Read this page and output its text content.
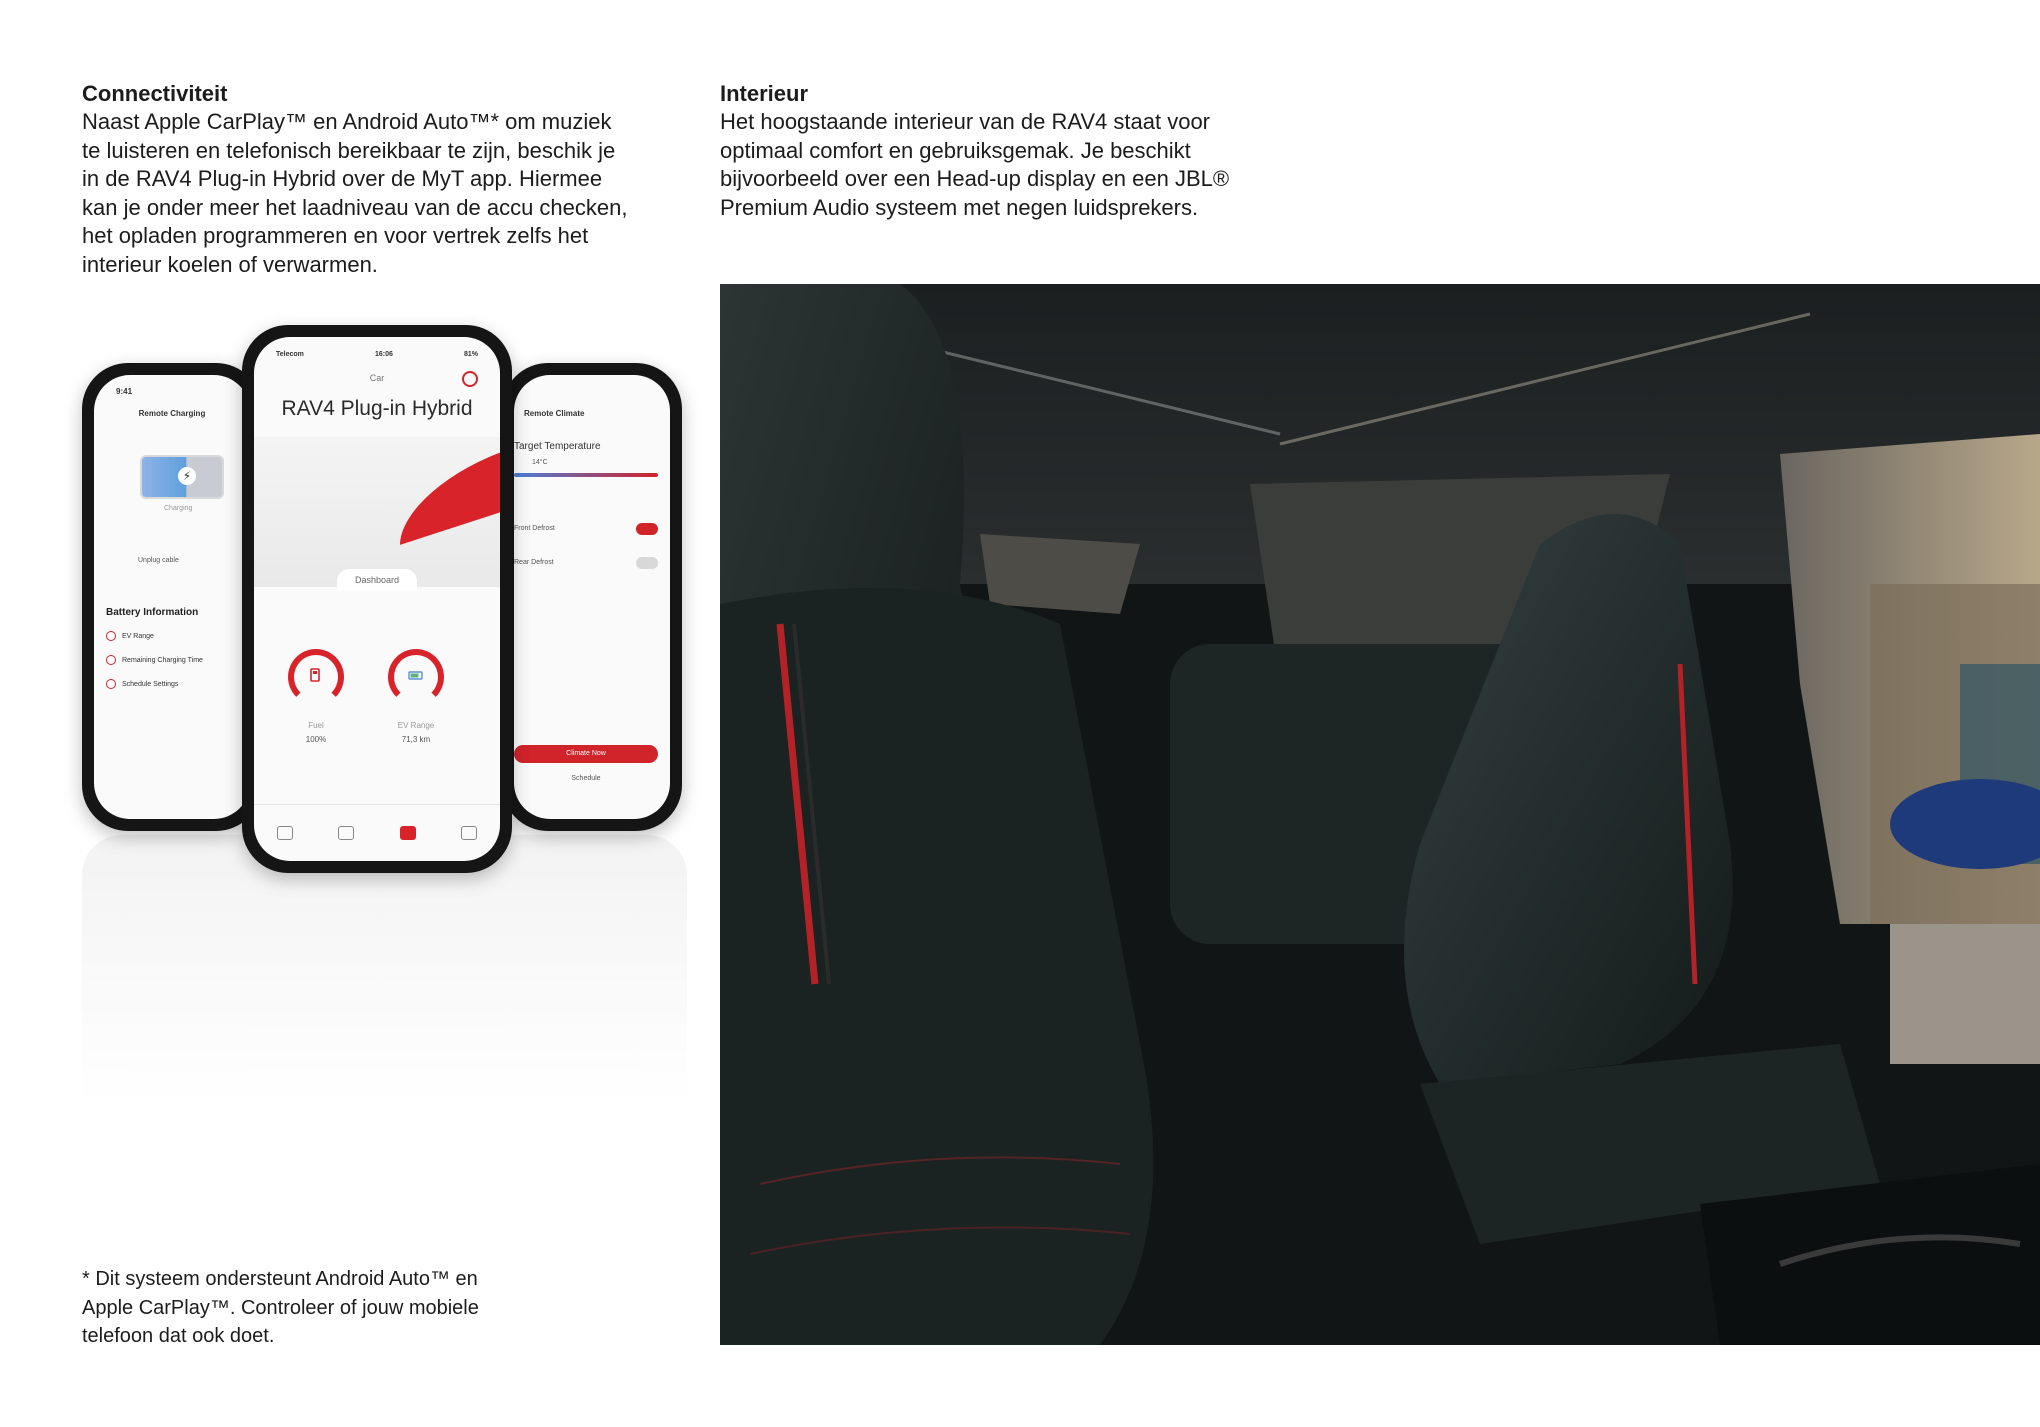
Connectiviteit

Naast Apple CarPlay™ en Android Auto™* om muziek
te luisteren en telefonisch bereikbaar te zijn, beschik je
in de RAV4 Plug-in Hybrid over de MyT app. Hiermee
kan je onder meer het laadniveau van de accu checken,
het opladen programmeren en voor vertrek zelfs het
interieur koelen of verwarmen.

Interieur

Het hoogstaande interieur van de RAV4 staat voor
optimaal comfort en gebruiksgemak. Je beschikt
bijvoorbeeld over een Head-up display en een JBL®
Premium Audio systeem met negen luidsprekers.

9:41
Remote Charging
⚡
Charging
Unplug cable
Battery Information
EV Range
Remaining Charging Time
Schedule Settings
Remote Climate
Target Temperature
14°C
Front Defrost
Rear Defrost
Climate Now
Schedule
Telecom	16:06	81%
Car
RAV4 Plug-in Hybrid
Dashboard
Fuel
100%
EV Range
71,3 km

* Dit systeem ondersteunt Android Auto™ en
Apple CarPlay™. Controleer of jouw mobiele
telefoon dat ook doet.
